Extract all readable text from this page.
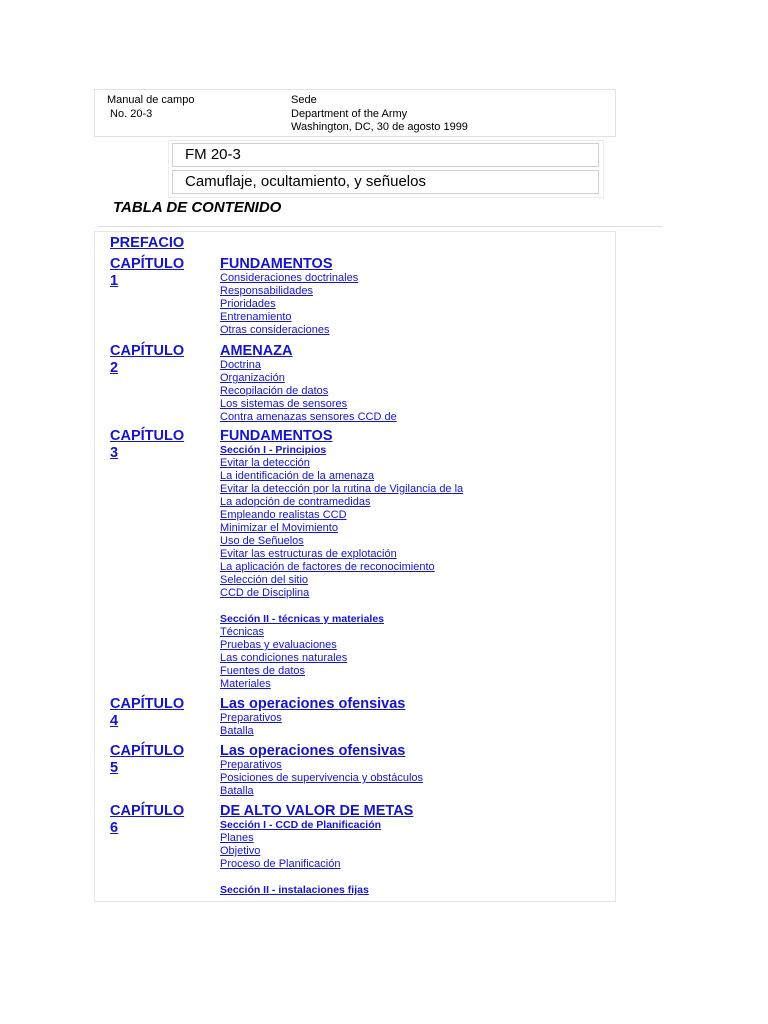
Manual de campo
No. 20-3
Sede
Department of the Army
Washington, DC, 30 de agosto 1999
FM 20-3
Camuflaje, ocultamiento, y señuelos
TABLA DE CONTENIDO
PREFACIO
CAPÍTULO
1
FUNDAMENTOS
Consideraciones doctrinales
Responsabilidades
Prioridades
Entrenamiento
Otras consideraciones
CAPÍTULO
2
AMENAZA
Doctrina
Organización
Recopilación de datos
Los sistemas de sensores
Contra amenazas sensores CCD de
CAPÍTULO
3
FUNDAMENTOS
Sección I - Principios
Evitar la detección
La identificación de la amenaza
Evitar la detección por la rutina de Vigilancia de la
La adopción de contramedidas
Empleando realistas CCD
Minimizar el Movimiento
Uso de Señuelos
Evitar las estructuras de explotación
La aplicación de factores de reconocimiento
Selección del sitio
CCD de Disciplina
Sección II - técnicas y materiales
Técnicas
Pruebas y evaluaciones
Las condiciones naturales
Fuentes de datos
Materiales
CAPÍTULO
4
Las operaciones ofensivas
Preparativos
Batalla
CAPÍTULO
5
Las operaciones ofensivas
Preparativos
Posiciones de supervivencia y obstáculos
Batalla
CAPÍTULO
6
DE ALTO VALOR DE METAS
Sección I - CCD de Planificación
Planes
Objetivo
Proceso de Planificación
Sección II - instalaciones fijas
